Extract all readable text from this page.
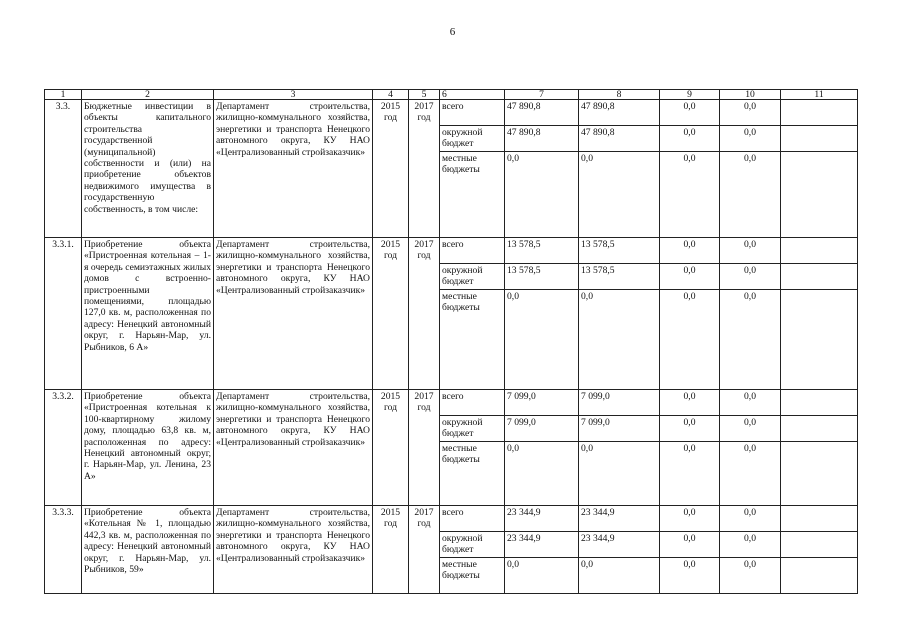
6
1	2	3	4	5	6	7	8	9	10	11
3.3.	Бюджетные инвестиции в объекты капитального строительства государственной (муниципальной) собственности и (или) на приобретение объектов недвижимого имущества в государственную собственность, в том числе:	Департамент строительства, жилищно-коммунального хозяйства, энергетики и транспорта Ненецкого автономного округа, КУ НАО «Централизованный стройзаказчик»	2015 год	2017 год	всего	47 890,8	47 890,8	0,0	0,0	
					окружной бюджет	47 890,8	47 890,8	0,0	0,0	
					местные бюджеты	0,0	0,0	0,0	0,0	
3.3.1.	Приобретение объекта «Пристроенная котельная – 1-я очередь семиэтажных жилых домов с встроенно-пристроенными помещениями, площадью 127,0 кв. м, расположенная по адресу: Ненецкий автономный округ, г. Нарьян-Мар, ул. Рыбников, 6 А»	Департамент строительства, жилищно-коммунального хозяйства, энергетики и транспорта Ненецкого автономного округа, КУ НАО «Централизованный стройзаказчик»	2015 год	2017 год	всего	13 578,5	13 578,5	0,0	0,0	
					окружной бюджет	13 578,5	13 578,5	0,0	0,0	
					местные бюджеты	0,0	0,0	0,0	0,0	
3.3.2.	Приобретение объекта «Пристроенная котельная к 100-квартирному жилому дому, площадью 63,8 кв. м, расположенная по адресу: Ненецкий автономный округ, г. Нарьян-Мар, ул. Ленина, 23 А»	Департамент строительства, жилищно-коммунального хозяйства, энергетики и транспорта Ненецкого автономного округа, КУ НАО «Централизованный стройзаказчик»	2015 год	2017 год	всего	7 099,0	7 099,0	0,0	0,0	
					окружной бюджет	7 099,0	7 099,0	0,0	0,0	
					местные бюджеты	0,0	0,0	0,0	0,0	
3.3.3.	Приобретение объекта «Котельная № 1, площадью 442,3 кв. м, расположенная по адресу: Ненецкий автономный округ, г. Нарьян-Мар, ул. Рыбников, 59»	Департамент строительства, жилищно-коммунального хозяйства, энергетики и транспорта Ненецкого автономного округа, КУ НАО «Централизованный стройзаказчик»	2015 год	2017 год	всего	23 344,9	23 344,9	0,0	0,0	
					окружной бюджет	23 344,9	23 344,9	0,0	0,0	
					местные бюджеты	0,0	0,0	0,0	0,0	
